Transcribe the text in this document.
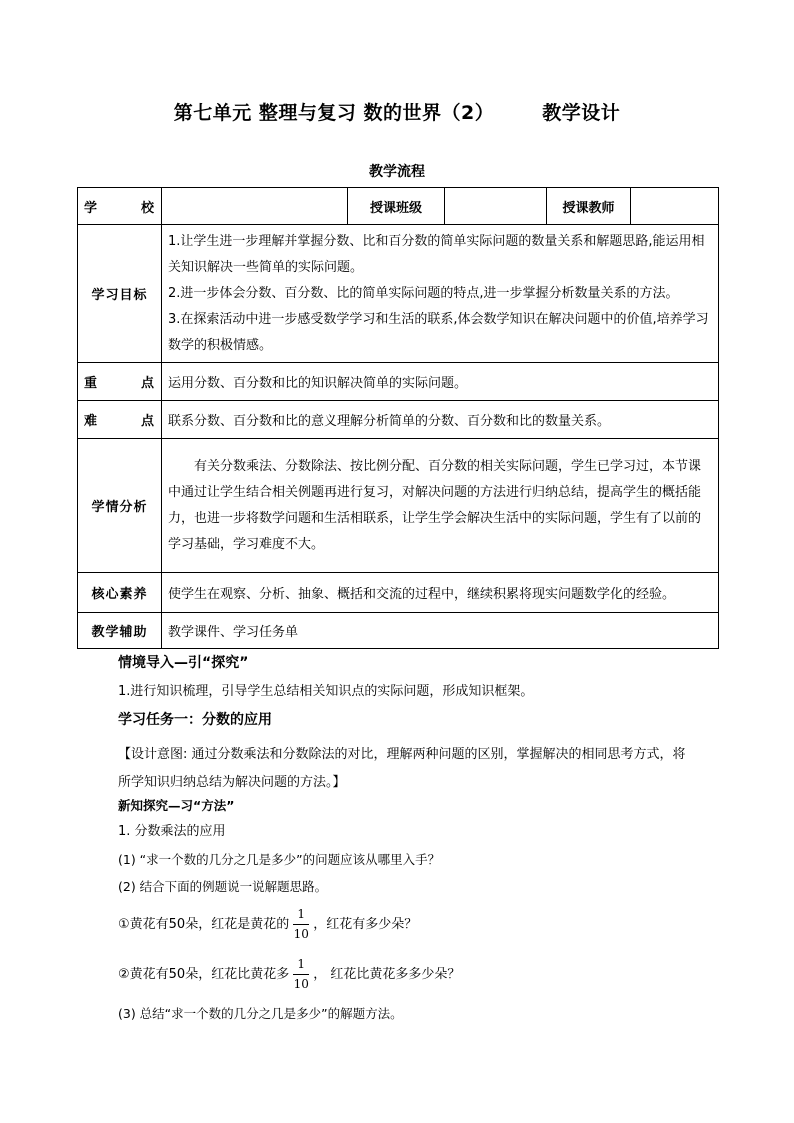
第七单元 整理与复习 数的世界（2）	教学设计
教学流程
学　　校		授课班级		授课教师	
学习目标	1.让学生进一步理解并掌握分数、比和百分数的简单实际问题的数量关系和解题思路,能运用相关知识解决一些简单的实际问题。

2.进一步体会分数、百分数、比的简单实际问题的特点,进一步掌握分析数量关系的方法。

3.在探索活动中进一步感受数学学习和生活的联系,体会数学知识在解决问题中的价值,培养学习数学的积极情感。				

重　　点	运用分数、百分数和比的知识解决简单的实际问题。				
难　　点	联系分数、百分数和比的意义理解分析简单的分数、百分数和比的数量关系。				
学情分析	有关分数乘法、分数除法、按比例分配、百分数的相关实际问题，学生已学习过，本节课中通过让学生结合相关例题再进行复习，对解决问题的方法进行归纳总结，提高学生的概括能力，也进一步将数学问题和生活相联系，让学生学会解决生活中的实际问题，学生有了以前的学习基础，学习难度不大。				

核心素养	使学生在观察、分析、抽象、概括和交流的过程中，继续积累将现实问题数学化的经验。				
教学辅助	教学课件、学习任务单				
情境导入—引“探究”
1.进行知识梳理，引导学生总结相关知识点的实际问题，形成知识框架。
学习任务一：分数的应用
【设计意图: 通过分数乘法和分数除法的对比，理解两种问题的区别，掌握解决的相同思考方式，将所学知识归纳总结为解决问题的方法。】
新知探究—习“方法”
1. 分数乘法的应用
(1) “求一个数的几分之几是多少”的问题应该从哪里入手？
(2) 结合下面的例题说一说解题思路。
①黄花有50朵，红花是黄花的 $\frac{1}{10}$ ，红花有多少朵？
②黄花有50朵，红花比黄花多 $\frac{1}{10}$ ， 红花比黄花多多少朵？
(3) 总结“求一个数的几分之几是多少”的解题方法。
